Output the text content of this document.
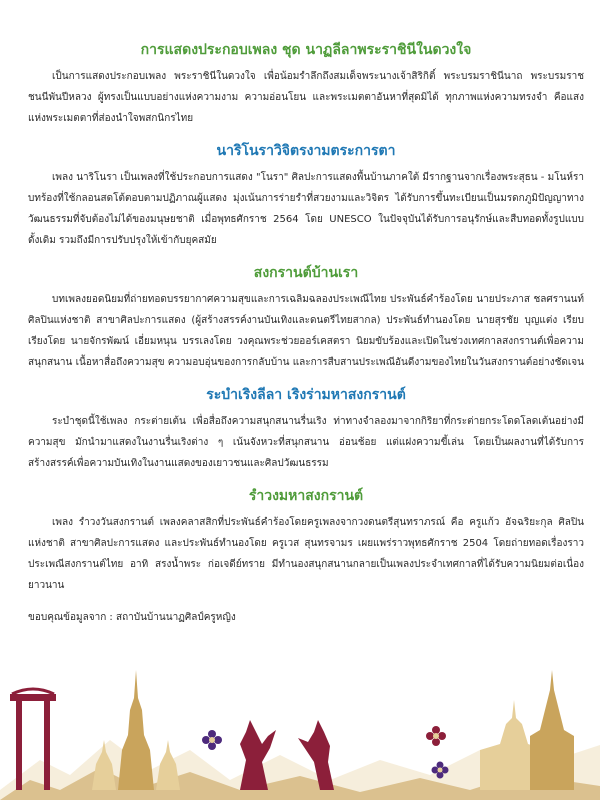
การแสดงประกอบเพลง ชุด นาฏลีลาพระราชินีในดวงใจ

เป็นการแสดงประกอบเพลง พระราชินีในดวงใจ เพื่อน้อมรำลึกถึงสมเด็จพระนางเจ้าสิริกิติ์ พระบรมราชินีนาถ พระบรมราชชนนีพันปีหลวง ผู้ทรงเป็นแบบอย่างแห่งความงาม ความอ่อนโยน และพระเมตตาอันหาที่สุดมิได้ ทุกภาพแห่งความทรงจำ คือแสงแห่งพระเมตตาที่ส่องนำใจพสกนิกรไทย

นาริโนราวิจิตรงามตระการตา

เพลง นาริโนรา เป็นเพลงที่ใช้ประกอบการแสดง "โนรา" ศิลปะการแสดงพื้นบ้านภาคใต้ มีรากฐานจากเรื่องพระสุธน - มโนห์รา บทร้องที่ใช้กลอนสดโต้ตอบตามปฏิภาณผู้แสดง มุ่งเน้นการร่ายรำที่สวยงามและวิจิตร ได้รับการขึ้นทะเบียนเป็นมรดกภูมิปัญญาทางวัฒนธรรมที่จับต้องไม่ได้ของมนุษยชาติ เมื่อพุทธศักราช 2564 โดย UNESCO ในปัจจุบันได้รับการอนุรักษ์และสืบทอดทั้งรูปแบบดั้งเดิม รวมถึงมีการปรับปรุงให้เข้ากับยุคสมัย

สงกรานต์บ้านเรา

บทเพลงยอดนิยมที่ถ่ายทอดบรรยากาศความสุขและการเฉลิมฉลองประเพณีไทย ประพันธ์คำร้องโดย นายประภาส ชลศรานนท์ ศิลปินแห่งชาติ สาขาศิลปะการแสดง (ผู้สร้างสรรค์งานบันเทิงและดนตรีไทยสากล) ประพันธ์ทำนองโดย นายสุรชัย บุญแต่ง เรียบเรียงโดย นายจักรพัฒน์ เอี่ยมหนุน บรรเลงโดย วงคุณพระช่วยออร์เคสตรา นิยมขับร้องและเปิดในช่วงเทศกาลสงกรานต์เพื่อความสนุกสนาน เนื้อหาสื่อถึงความสุข ความอบอุ่นของการกลับบ้าน และการสืบสานประเพณีอันดีงามของไทยในวันสงกรานต์อย่างชัดเจน

ระบำเริงลีลา เริงร่ามหาสงกรานต์

ระบำชุดนี้ใช้เพลง กระต่ายเต้น เพื่อสื่อถึงความสนุกสนานรื่นเริง ท่าทางจำลองมาจากกิริยาที่กระต่ายกระโดดโลดเต้นอย่างมีความสุข มักนำมาแสดงในงานรื่นเริงต่าง ๆ เน้นจังหวะที่สนุกสนาน อ่อนช้อย แต่แฝงความขี้เล่น โดยเป็นผลงานที่ได้รับการสร้างสรรค์เพื่อความบันเทิงในงานแสดงของเยาวชนและศิลปวัฒนธรรม

รำวงมหาสงกรานต์

เพลง รำวงวันสงกรานต์ เพลงคลาสสิกที่ประพันธ์คำร้องโดยครูเพลงจากวงดนตรีสุนทราภรณ์ คือ ครูแก้ว อัจฉริยะกุล ศิลปินแห่งชาติ สาขาศิลปะการแสดง และประพันธ์ทำนองโดย ครูเวส สุนทรจามร เผยแพร่ราวพุทธศักราช 2504 โดยถ่ายทอดเรื่องราวประเพณีสงกรานต์ไทย อาทิ สรงน้ำพระ ก่อเจดีย์ทราย มีทำนองสนุกสนานกลายเป็นเพลงประจำเทศกาลที่ได้รับความนิยมต่อเนื่องยาวนาน

ขอบคุณข้อมูลจาก : สถาบันบ้านนาฏศิลป์ครูหญิง
